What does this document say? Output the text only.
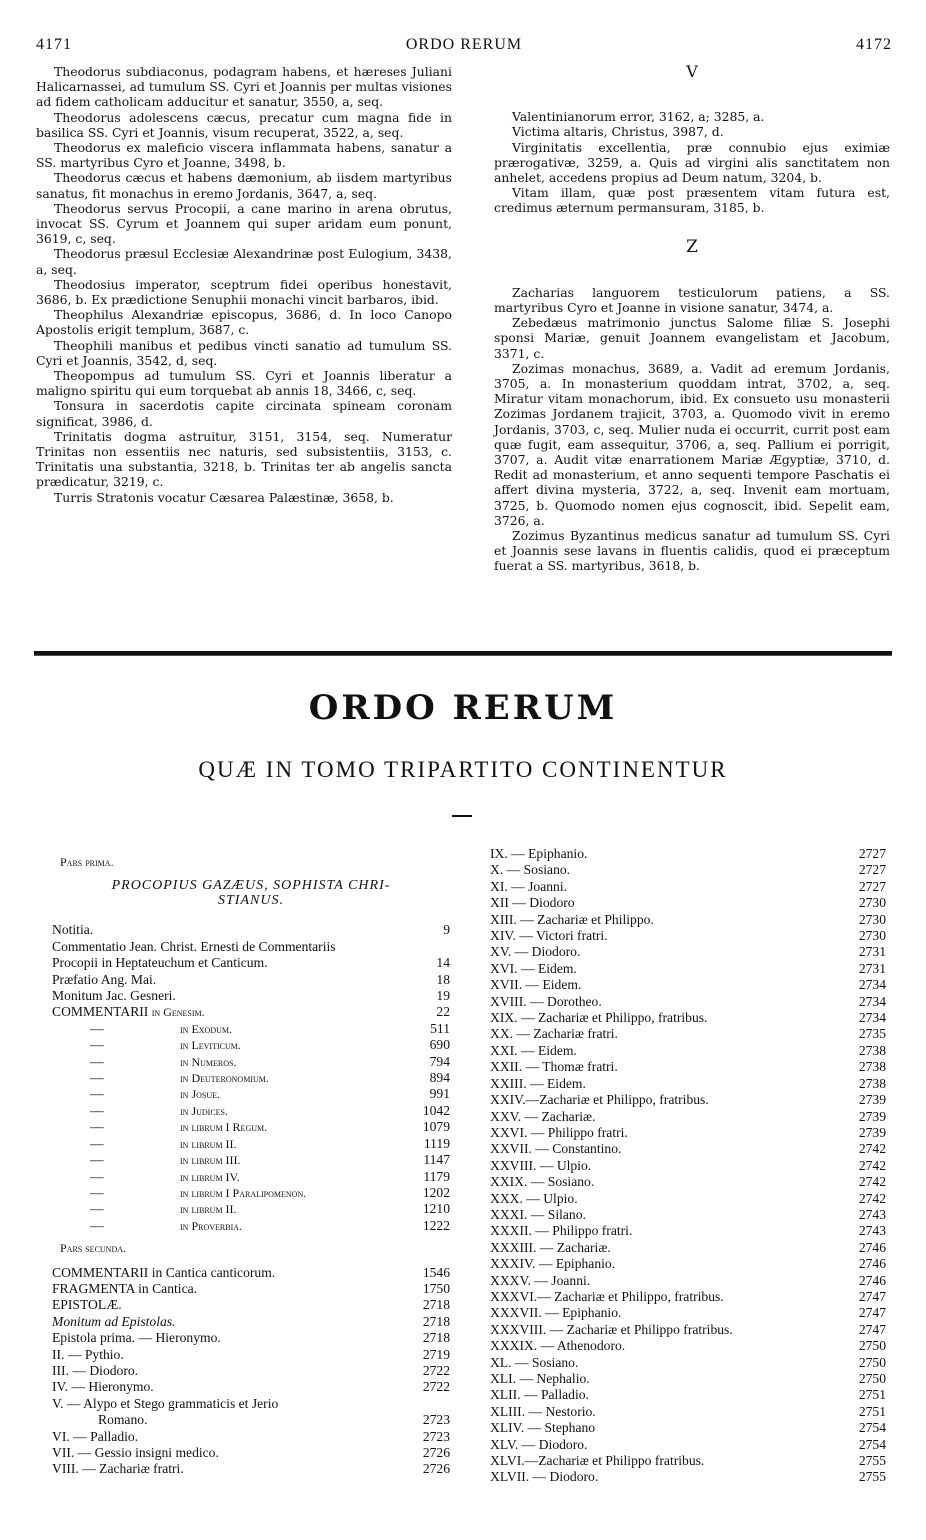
4171	ORDO RERUM	4172

Theodorus subdiaconus, podagram habens, et hæreses Juliani Halicarnassei, ad tumulum SS. Cyri et Joannis per multas visiones ad fidem catholicam adducitur et sanatur, 3550, a, seq.

Theodorus adolescens cæcus, precatur cum magna fide in basilica SS. Cyri et Joannis, visum recuperat, 3522, a, seq.

Theodorus ex maleficio viscera inflammata habens, sanatur a SS. martyribus Cyro et Joanne, 3498, b.

Theodorus cæcus et habens dæmonium, ab iisdem martyribus sanatus, fit monachus in eremo Jordanis, 3647, a, seq.

Theodorus servus Procopii, a cane marino in arena obrutus, invocat SS. Cyrum et Joannem qui super aridam eum ponunt, 3619, c, seq.

Theodorus præsul Ecclesiæ Alexandrinæ post Eulogium, 3438, a, seq.

Theodosius imperator, sceptrum fidei operibus honestavit, 3686, b. Ex prædictione Senuphii monachi vincit barbaros, ibid.

Theophilus Alexandriæ episcopus, 3686, d. In loco Canopo Apostolis erigit templum, 3687, c.

Theophili manibus et pedibus vincti sanatio ad tumulum SS. Cyri et Joannis, 3542, d, seq.

Theopompus ad tumulum SS. Cyri et Joannis liberatur a maligno spiritu qui eum torquebat ab annis 18, 3466, c, seq.

Tonsura in sacerdotis capite circinata spineam coronam significat, 3986, d.

Trinitatis dogma astruitur, 3151, 3154, seq. Numeratur Trinitas non essentiis nec naturis, sed subsistentiis, 3153, c. Trinitatis una substantia, 3218, b. Trinitas ter ab angelis sancta prædicatur, 3219, c.

Turris Stratonis vocatur Cæsarea Palæstinæ, 3658, b.

V

Valentinianorum error, 3162, a; 3285, a.

Victima altaris, Christus, 3987, d.

Virginitatis excellentia, præ connubio ejus eximiæ prærogativæ, 3259, a. Quis ad virgini alis sanctitatem non anhelet, accedens propius ad Deum natum, 3204, b.

Vitam illam, quæ post præsentem vitam futura est, credimus æternum permansuram, 3185, b.

Z

Zacharias languorem testiculorum patiens, a SS. martyribus Cyro et Joanne in visione sanatur, 3474, a.

Zebedæus matrimonio junctus Salome filiæ S. Josephi sponsi Mariæ, genuit Joannem evangelistam et Jacobum, 3371, c.

Zozimas monachus, 3689, a. Vadit ad eremum Jordanis, 3705, a. In monasterium quoddam intrat, 3702, a, seq. Miratur vitam monachorum, ibid. Ex consueto usu monasterii Zozimas Jordanem trajicit, 3703, a. Quomodo vivit in eremo Jordanis, 3703, c, seq. Mulier nuda ei occurrit, currit post eam quæ fugit, eam assequitur, 3706, a, seq. Pallium ei porrigit, 3707, a. Audit vitæ enarrationem Mariæ Ægyptiæ, 3710, d. Redit ad monasterium, et anno sequenti tempore Paschatis ei affert divina mysteria, 3722, a, seq. Invenit eam mortuam, 3725, b. Quomodo nomen ejus cognoscit, ibid. Sepelit eam, 3726, a.

Zozimus Byzantinus medicus sanatur ad tumulum SS. Cyri et Joannis sese lavans in fluentis calidis, quod ei præceptum fuerat a SS. martyribus, 3618, b.

ORDO RERUM
QUÆ IN TOMO TRIPARTITO CONTINENTUR
Pars prima.
PROCOPIUS GAZÆUS, SOPHISTA CHRI-
STIANUS.
Notitia.	9
Commentatio Jean. Christ. Ernesti de Commentariis
Procopii in Heptateuchum et Canticum.	14
Præfatio Ang. Mai.	18
Monitum Jac. Gesneri.	19
COMMENTARII in Genesim.	22
—	in Exodum.	511
—	in Leviticum.	690
—	in Numeros.	794
—	in Deuteronomium.	894
—	in Josue.	991
—	in Judices.	1042
—	in librum I Regum.	1079
—	in librum II.	1119
—	in librum III.	1147
—	in librum IV.	1179
—	in librum I Paralipomenon.	1202
—	in librum II.	1210
—	in Proverbia.	1222
Pars secunda.
COMMENTARII in Cantica canticorum.	1546
FRAGMENTA in Cantica.	1750
EPISTOLÆ.	2718
Monitum ad Epistolas.	2718
Epistola prima. — Hieronymo.	2718
II. — Pythio.	2719
III. — Diodoro.	2722
IV. — Hieronymo.	2722
V. — Alypo et Stego grammaticis et Jerio
Romano.	2723
VI. — Palladio.	2723
VII. — Gessio insigni medico.	2726
VIII. — Zachariæ fratri.	2726
IX. — Epiphanio.	2727
X. — Sosiano.	2727
XI. — Joanni.	2727
XII — Diodoro	2730
XIII. — Zachariæ et Philippo.	2730
XIV. — Victori fratri.	2730
XV. — Diodoro.	2731
XVI. — Eidem.	2731
XVII. — Eidem.	2734
XVIII. — Dorotheo.	2734
XIX. — Zachariæ et Philippo, fratribus.	2734
XX. — Zachariæ fratri.	2735
XXI. — Eidem.	2738
XXII. — Thomæ fratri.	2738
XXIII. — Eidem.	2738
XXIV.—Zachariæ et Philippo, fratribus.	2739
XXV. — Zachariæ.	2739
XXVI. — Philippo fratri.	2739
XXVII. — Constantino.	2742
XXVIII. — Ulpio.	2742
XXIX. — Sosiano.	2742
XXX. — Ulpio.	2742
XXXI. — Silano.	2743
XXXII. — Philippo fratri.	2743
XXXIII. — Zachariæ.	2746
XXXIV. — Epiphanio.	2746
XXXV. — Joanni.	2746
XXXVI.— Zachariæ et Philippo, fratribus.	2747
XXXVII. — Epiphanio.	2747
XXXVIII. — Zachariæ et Philippo fratribus.	2747
XXXIX. — Athenodoro.	2750
XL. — Sosiano.	2750
XLI. — Nephalio.	2750
XLII. — Palladio.	2751
XLIII. — Nestorio.	2751
XLIV. — Stephano	2754
XLV. — Diodoro.	2754
XLVI.—Zachariæ et Philippo fratribus.	2755
XLVII. — Diodoro.	2755
